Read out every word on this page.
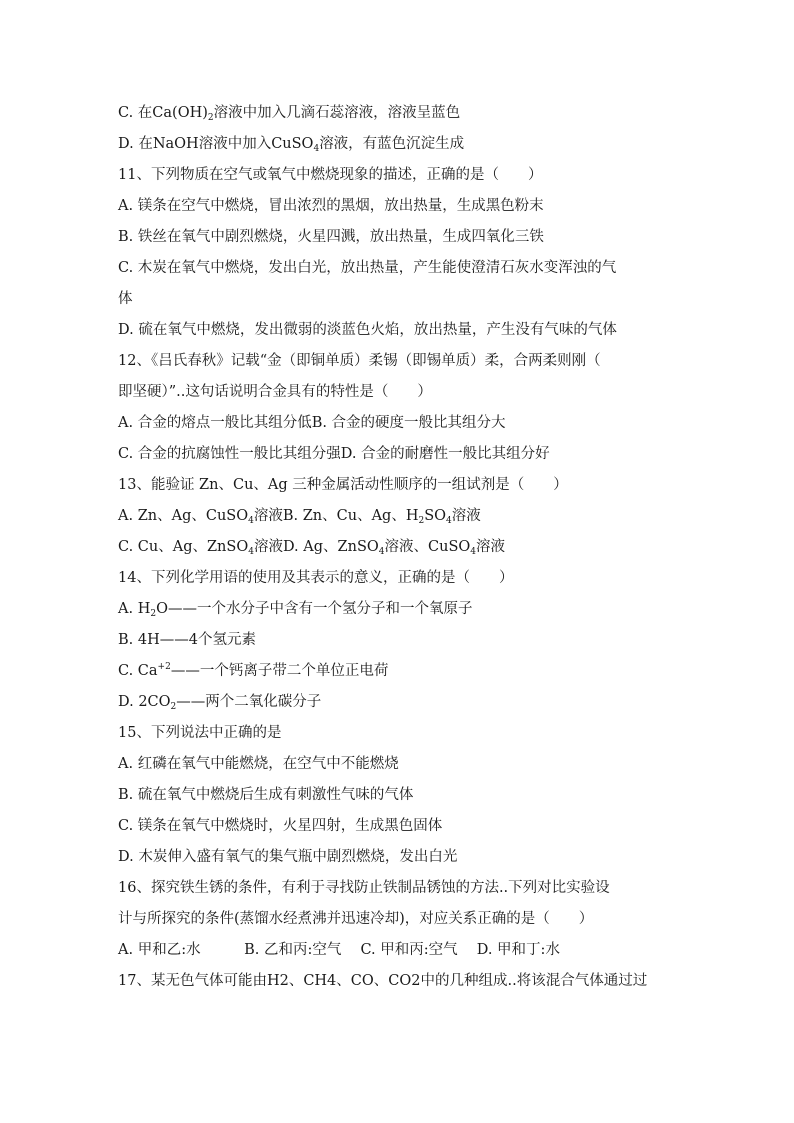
C. 在$Ca(OH)_2$溶液中加入几滴石蕊溶液，溶液呈蓝色
D. 在NaOH溶液中加入CuSO$_4$溶液，有蓝色沉淀生成
11、下列物质在空气或氧气中燃烧现象的描述，正确的是（　　）
A. 镁条在空气中燃烧，冒出浓烈的黑烟，放出热量，生成黑色粉末
B. 铁丝在氧气中剧烈燃烧，火星四溅，放出热量，生成四氧化三铁
C. 木炭在氧气中燃烧，发出白光，放出热量，产生能使澄清石灰水变浑浊的气
体
D. 硫在氧气中燃烧，发出微弱的淡蓝色火焰，放出热量，产生没有气味的气体
12、《吕氏春秋》记载“金（即铜单质）柔锡（即锡单质）柔，合两柔则刚（
即坚硬）”..这句话说明合金具有的特性是（　　）
A. 合金的熔点一般比其组分低B. 合金的硬度一般比其组分大
C. 合金的抗腐蚀性一般比其组分强D. 合金的耐磨性一般比其组分好
13、能验证 Zn、Cu、Ag 三种金属活动性顺序的一组试剂是（　　）
A. Zn、Ag、CuSO$_4$溶液B. Zn、Cu、Ag、$H_2SO_4$溶液
C. Cu、Ag、ZnSO$_4$溶液D. Ag、ZnSO$_4$溶液、CuSO$_4$溶液
14、下列化学用语的使用及其表示的意义，正确的是（　　）
A. $H_2O——$一个水分子中含有一个氢分子和一个氧原子
B. 4H——4个氢元素
C. $Ca^{+2}——$一个钙离子带二个单位正电荷
D. $2CO_2——$两个二氧化碳分子
15、下列说法中正确的是
A. 红磷在氧气中能燃烧，在空气中不能燃烧
B. 硫在氧气中燃烧后生成有刺激性气味的气体
C. 镁条在氧气中燃烧时，火星四射，生成黑色固体
D. 木炭伸入盛有氧气的集气瓶中剧烈燃烧，发出白光
16、探究铁生锈的条件，有利于寻找防止铁制品锈蚀的方法..下列对比实验设
计与所探究的条件(蒸馏水经煮沸并迅速冷却)，对应关系正确的是（　　）
A. 甲和乙:水　　　B. 乙和丙:空气　 C. 甲和丙:空气　 D. 甲和丁:水
17、某无色气体可能由H2、CH4、CO、CO2中的几种组成..将该混合气体通过过
